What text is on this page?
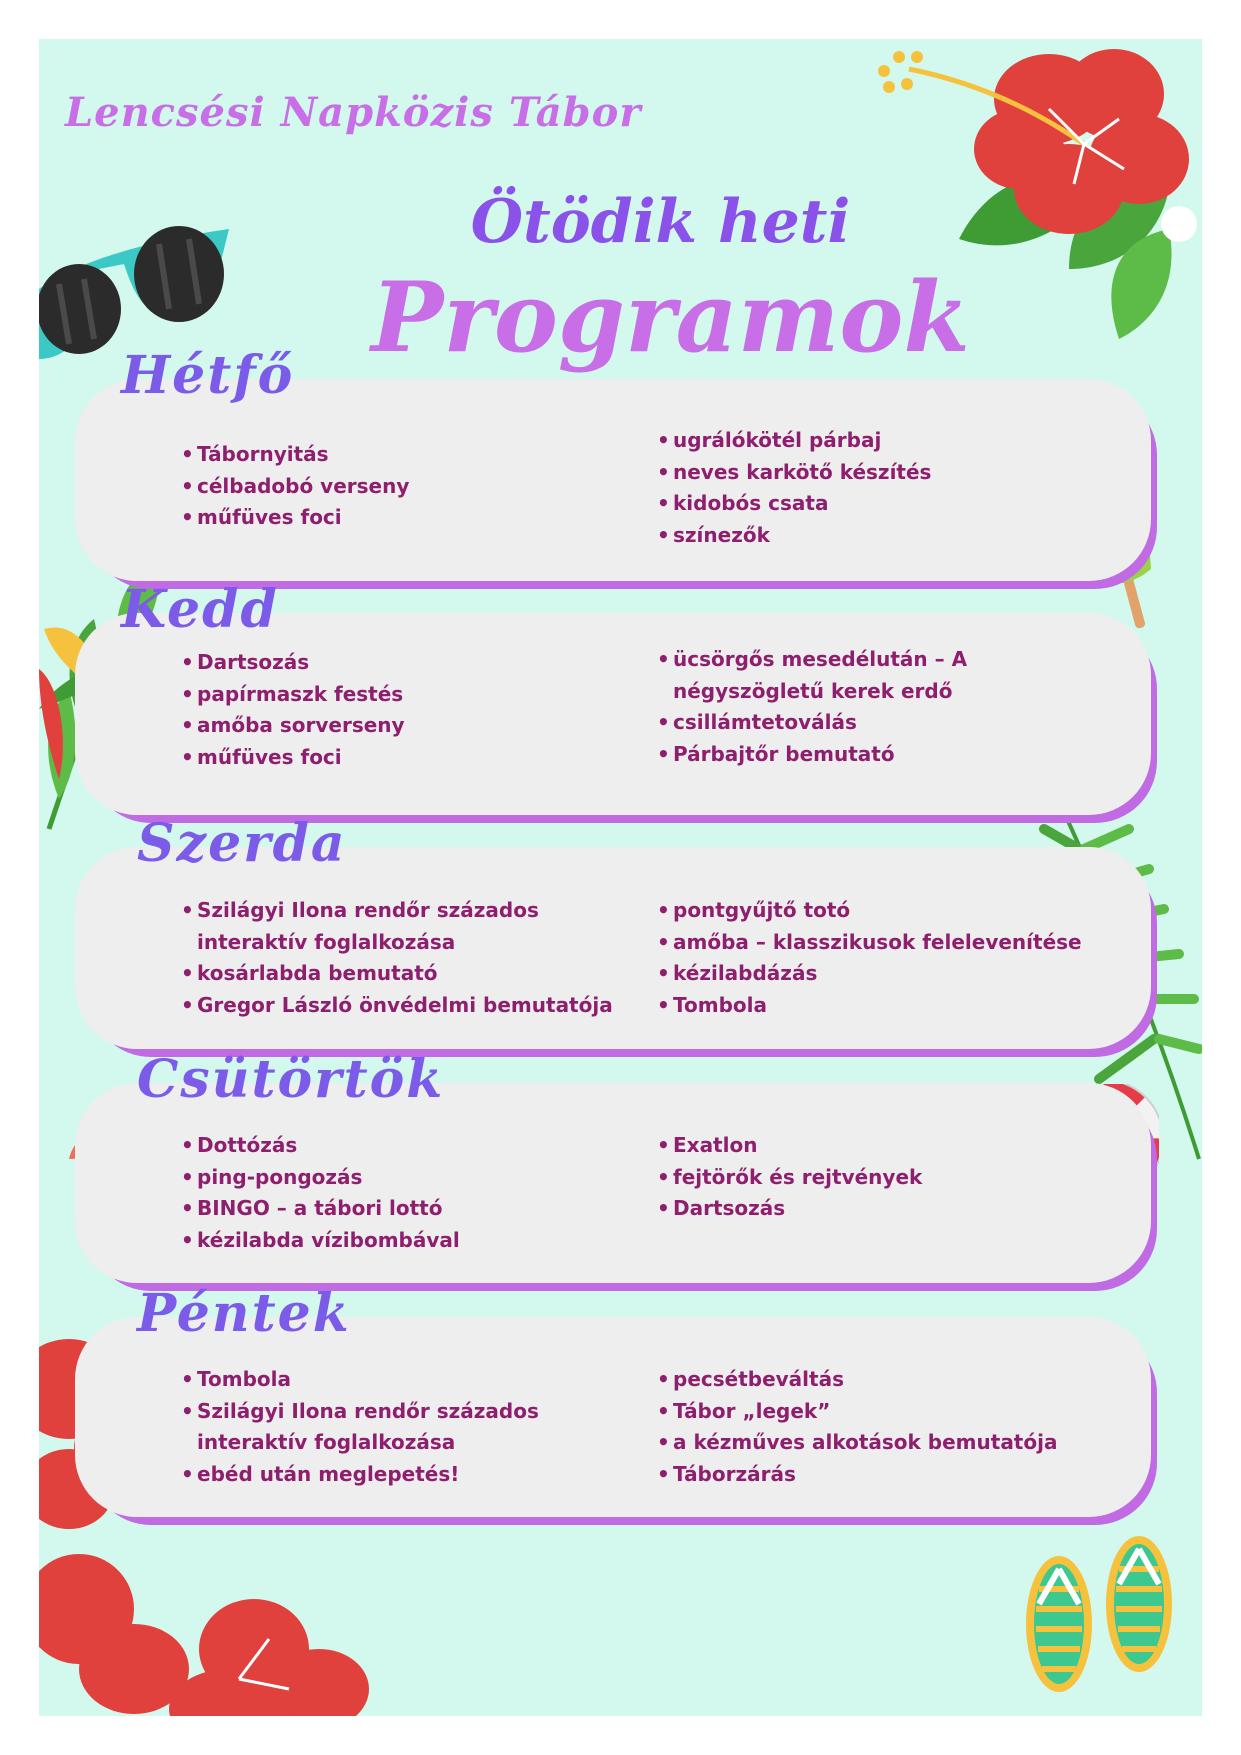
Lencsési Napközis Tábor
Ötödik heti
Programok
Hétfő
• Tábornyitás
• célbadobó verseny
• műfüves foci
• ugrálókötél párbaj
• neves karkötő készítés
• kidobós csata
• színezők
Kedd
• Dartsozás
• papírmaszk festés
• amőba sorverseny
• műfüves foci
• ücsörgős mesedélután – A négyszögletű kerek erdő
• csillámtetoválás
• Párbajtőr bemutató
Szerda
• Szilágyi Ilona rendőr százados interaktív foglalkozása
• kosárlabda bemutató
• Gregor László önvédelmi bemutatója
• pontgyűjtő totó
• amőba – klasszikusok felelevenítése
• kézilabdázás
• Tombola
Csütörtök
• Dottózás
• ping-pongozás
• BINGO – a tábori lottó
• kézilabda vízibombával
• Exatlon
• fejtörők és rejtvények
• Dartsozás
Péntek
• Tombola
• Szilágyi Ilona rendőr százados interaktív foglalkozása
• ebéd után meglepetés!
• pecsétbeváltás
• Tábor „legek”
• a kézműves alkotások bemutatója
• Táborzárás
